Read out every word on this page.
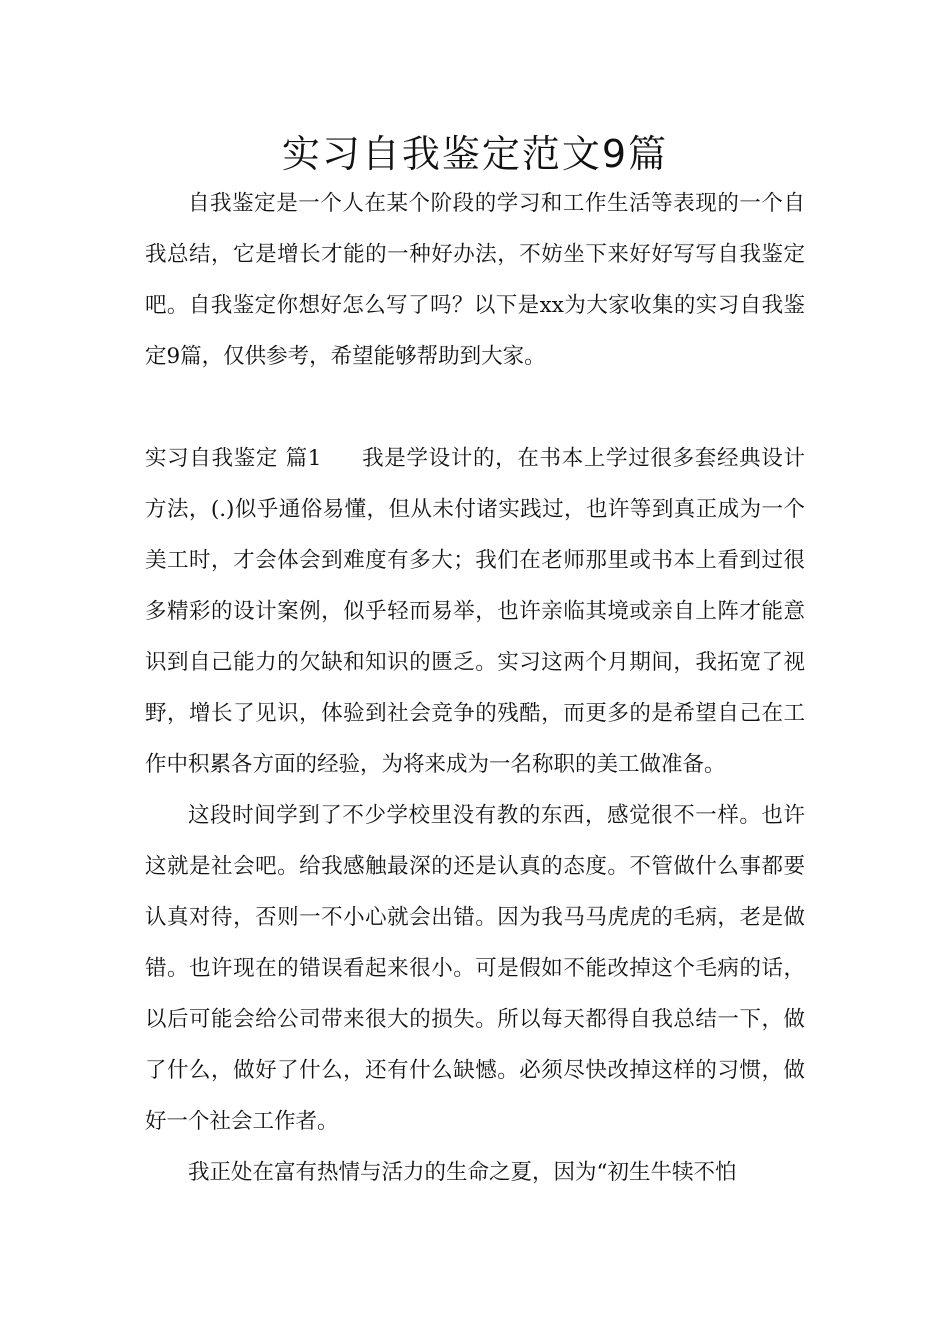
实习自我鉴定范文9篇

自我鉴定是一个人在某个阶段的学习和工作生活等表现的一个自我总结，它是增长才能的一种好办法，不妨坐下来好好写写自我鉴定吧。自我鉴定你想好怎么写了吗？以下是xx为大家收集的实习自我鉴定9篇，仅供参考，希望能够帮助到大家。

实习自我鉴定 篇1 我是学设计的，在书本上学过很多套经典设计方法，(.)似乎通俗易懂，但从未付诸实践过，也许等到真正成为一个美工时，才会体会到难度有多大；我们在老师那里或书本上看到过很多精彩的设计案例，似乎轻而易举，也许亲临其境或亲自上阵才能意识到自己能力的欠缺和知识的匮乏。实习这两个月期间，我拓宽了视野，增长了见识，体验到社会竞争的残酷，而更多的是希望自己在工作中积累各方面的经验，为将来成为一名称职的美工做准备。

这段时间学到了不少学校里没有教的东西，感觉很不一样。也许这就是社会吧。给我感触最深的还是认真的态度。不管做什么事都要认真对待，否则一不小心就会出错。因为我马马虎虎的毛病，老是做错。也许现在的错误看起来很小。可是假如不能改掉这个毛病的话，以后可能会给公司带来很大的损失。所以每天都得自我总结一下，做了什么，做好了什么，还有什么缺憾。必须尽快改掉这样的习惯，做好一个社会工作者。

我正处在富有热情与活力的生命之夏，因为“初生牛犊不怕
